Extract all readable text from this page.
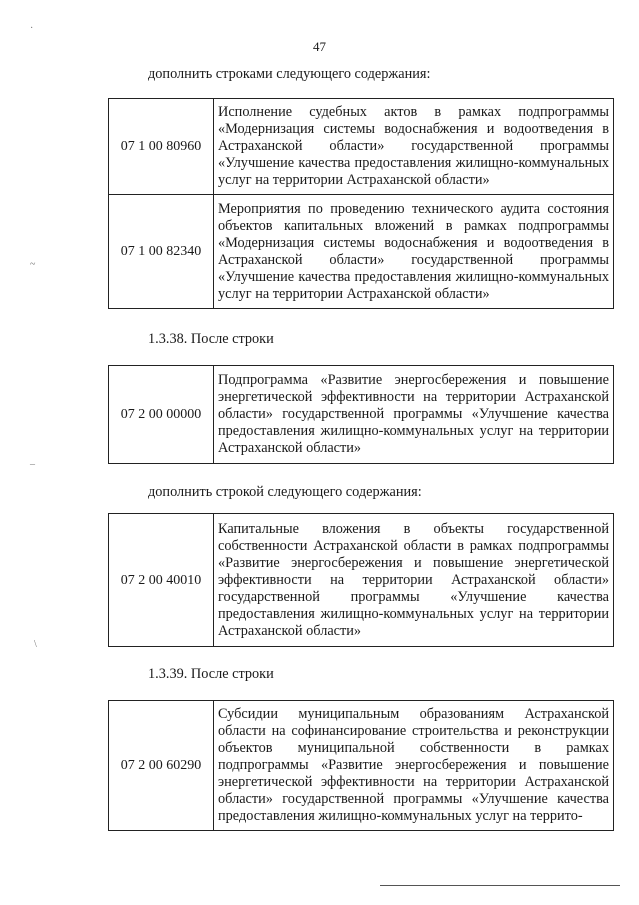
47
дополнить строками следующего содержания:
07 1 00 80960	Исполнение судебных актов в рамках подпрограммы «Модернизация системы водоснабжения и водоотведения в Астраханской области» государственной программы «Улучшение качества предоставления жилищно-коммунальных услуг на территории Астраханской области»
07 1 00 82340	Мероприятия по проведению технического аудита состояния объектов капитальных вложений в рамках подпрограммы «Модернизация системы водоснабжения и водоотведения в Астраханской области» государственной программы «Улучшение качества предоставления жилищно-коммунальных услуг на территории Астраханской области»
1.3.38. После строки
07 2 00 00000	Подпрограмма «Развитие энергосбережения и повышение энергетической эффективности на территории Астраханской области» государственной программы «Улучшение качества предоставления жилищно-коммунальных услуг на территории Астраханской области»
дополнить строкой следующего содержания:
07 2 00 40010	Капитальные вложения в объекты государственной собственности Астраханской области в рамках подпрограммы «Развитие энергосбережения и повышение энергетической эффективности на территории Астраханской области» государственной программы «Улучшение качества предоставления жилищно-коммунальных услуг на территории Астраханской области»
1.3.39. После строки
07 2 00 60290	Субсидии муниципальным образованиям Астраханской области на софинансирование строительства и реконструкции объектов муниципальной собственности в рамках подпрограммы «Развитие энергосбережения и повышение энергетической эффективности на территории Астраханской области» государственной программы «Улучшение качества предоставления жилищно-коммунальных услуг на террито-
·
~
–
\
